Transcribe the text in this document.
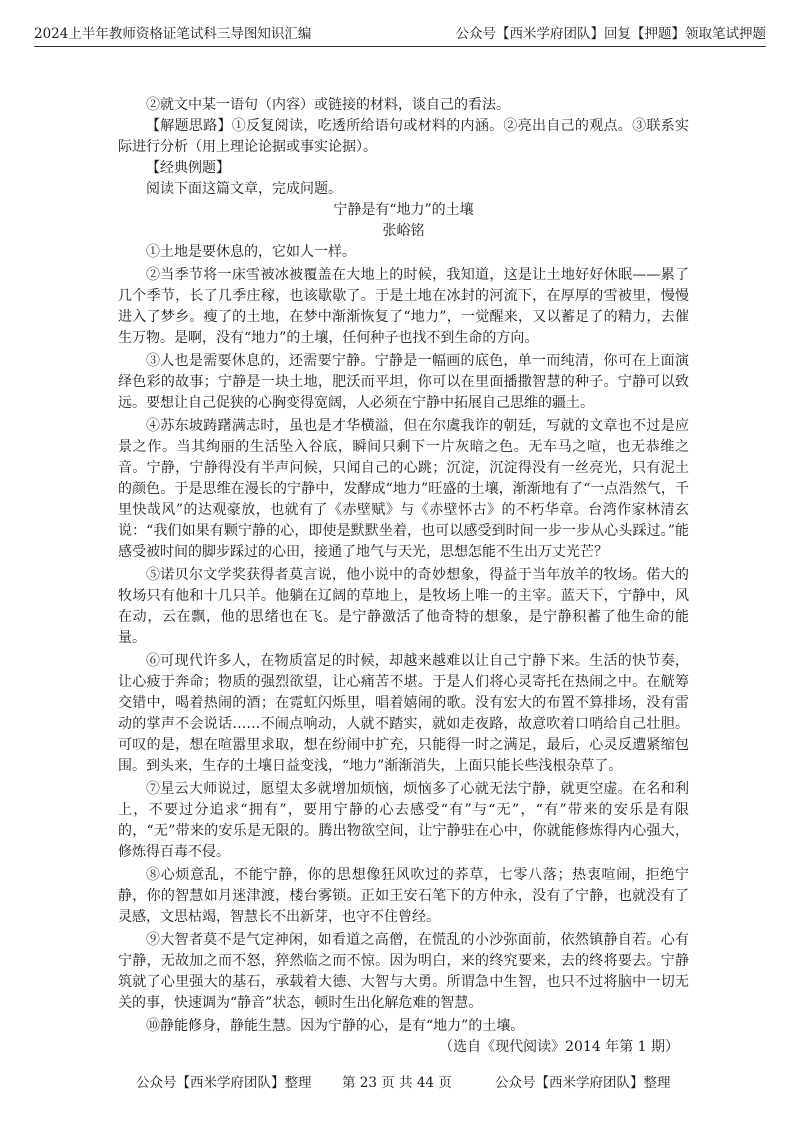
2024上半年教师资格证笔试科三导图知识汇编	公众号【西米学府团队】回复【押题】领取笔试押题

②就文中某一语句（内容）或链接的材料，谈自己的看法。

【解题思路】①反复阅读，吃透所给语句或材料的内涵。②亮出自己的观点。③联系实际进行分析（用上理论论据或事实论据）。

【经典例题】

阅读下面这篇文章，完成问题。

宁静是有“地力”的土壤

张峪铭

①土地是要休息的，它如人一样。

②当季节将一床雪被冰被覆盖在大地上的时候，我知道，这是让土地好好休眠——累了几个季节，长了几季庄稼，也该歇歇了。于是土地在冰封的河流下，在厚厚的雪被里，慢慢进入了梦乡。瘦了的土地，在梦中渐渐恢复了“地力”，一觉醒来，又以蓄足了的精力，去催生万物。是啊，没有“地力”的土壤，任何种子也找不到生命的方向。

③人也是需要休息的，还需要宁静。宁静是一幅画的底色，单一而纯清，你可在上面演绎色彩的故事；宁静是一块土地，肥沃而平坦，你可以在里面播撒智慧的种子。宁静可以致远。要想让自己促狭的心胸变得宽阔，人必须在宁静中拓展自己思维的疆土。

④苏东坡踌躇满志时，虽也是才华横溢，但在尔虞我诈的朝廷，写就的文章也不过是应景之作。当其绚丽的生活坠入谷底，瞬间只剩下一片灰暗之色。无车马之喧，也无恭维之音。宁静，宁静得没有半声问候，只闻自己的心跳；沉淀，沉淀得没有一丝亮光，只有泥土的颜色。于是思维在漫长的宁静中，发酵成“地力”旺盛的土壤，渐渐地有了“一点浩然气，千里快哉风”的达观豪放，也就有了《赤壁赋》与《赤壁怀古》的不朽华章。台湾作家林清玄说：“我们如果有颗宁静的心，即使是默默坐着，也可以感受到时间一步一步从心头踩过。”能感受被时间的脚步踩过的心田，接通了地气与天光，思想怎能不生出万丈光芒？

⑤诺贝尔文学奖获得者莫言说，他小说中的奇妙想象，得益于当年放羊的牧场。偌大的牧场只有他和十几只羊。他躺在辽阔的草地上，是牧场上唯一的主宰。蓝天下，宁静中，风在动，云在飘，他的思绪也在飞。是宁静激活了他奇特的想象，是宁静积蓄了他生命的能量。

⑥可现代许多人，在物质富足的时候，却越来越难以让自己宁静下来。生活的快节奏，让心疲于奔命；物质的强烈欲望，让心痛苦不堪。于是人们将心灵寄托在热闹之中。在觥筹交错中，喝着热闹的酒；在霓虹闪烁里，唱着嬉闹的歌。没有宏大的布置不算排场，没有雷动的掌声不会说话……不闹点响动，人就不踏实，就如走夜路，故意吹着口哨给自己壮胆。可叹的是，想在喧嚣里求取，想在纷闹中扩充，只能得一时之满足，最后，心灵反遭紧缩包围。到头来，生存的土壤日益变浅，“地力”渐渐消失，上面只能长些浅根杂草了。

⑦星云大师说过，愿望太多就增加烦恼，烦恼多了心就无法宁静，就更空虚。在名和利上，不要过分追求“拥有”，要用宁静的心去感受“有”与“无”，“有”带来的安乐是有限的，“无”带来的安乐是无限的。腾出物欲空间，让宁静驻在心中，你就能修炼得内心强大，修炼得百毒不侵。

⑧心烦意乱，不能宁静，你的思想像狂风吹过的荞草，七零八落；热衷喧闹，拒绝宁静，你的智慧如月迷津渡，楼台雾锁。正如王安石笔下的方仲永，没有了宁静，也就没有了灵感，文思枯竭，智慧长不出新芽，也守不住曾经。

⑨大智者莫不是气定神闲，如看道之高僧，在慌乱的小沙弥面前，依然镇静自若。心有宁静，无故加之而不怒，猝然临之而不惊。因为明白，来的终究要来，去的终将要去。宁静筑就了心里强大的基石，承载着大德、大智与大勇。所谓急中生智，也只不过将脑中一切无关的事，快速调为“静音”状态，顿时生出化解危难的智慧。

⑩静能修身，静能生慧。因为宁静的心，是有“地力”的土壤。

（选自《现代阅读》2014 年第 1 期）

公众号【西米学府团队】整理 第 23 页 共 44 页	公众号【西米学府团队】整理
